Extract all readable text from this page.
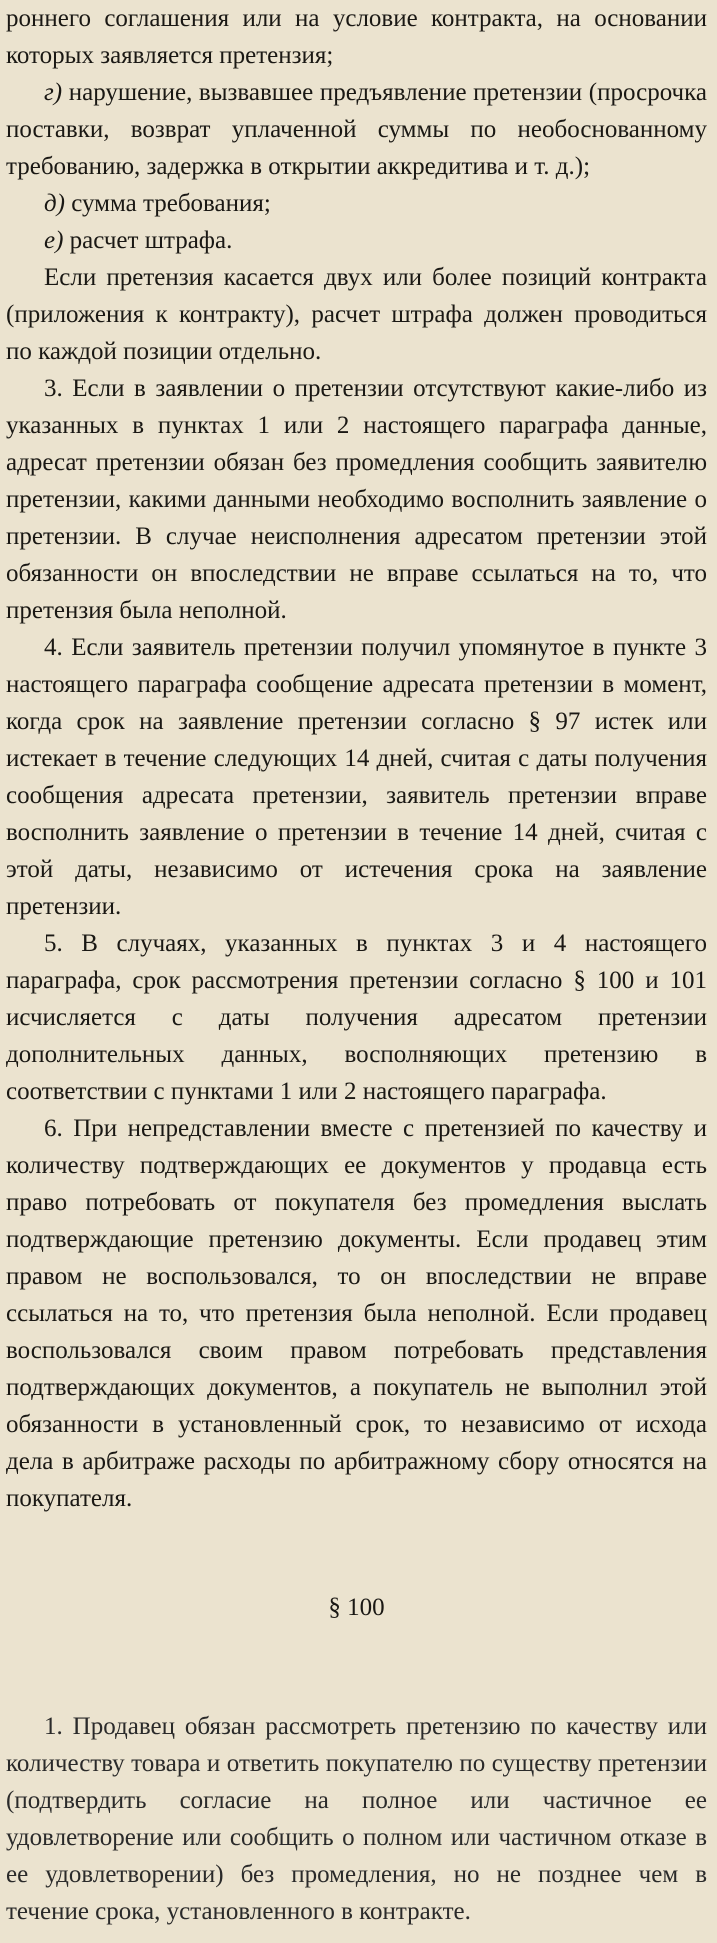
роннего соглашения или на условие контракта, на основании которых заявляется претензия;

г) нарушение, вызвавшее предъявление претензии (просрочка поставки, возврат уплаченной суммы по необоснованному требованию, задержка в открытии аккредитива и т. д.);

д) сумма требования;

е) расчет штрафа.

Если претензия касается двух или более позиций контракта (приложения к контракту), расчет штрафа должен проводиться по каждой позиции отдельно.

3. Если в заявлении о претензии отсутствуют какие-либо из указанных в пунктах 1 или 2 настоящего параграфа данные, адресат претензии обязан без промедления сообщить заявителю претензии, какими данными необходимо восполнить заявление о претензии. В случае неисполнения адресатом претензии этой обязанности он впоследствии не вправе ссылаться на то, что претензия была неполной.

4. Если заявитель претензии получил упомянутое в пункте 3 настоящего параграфа сообщение адресата претензии в момент, когда срок на заявление претензии согласно § 97 истек или истекает в течение следующих 14 дней, считая с даты получения сообщения адресата претензии, заявитель претензии вправе восполнить заявление о претензии в течение 14 дней, считая с этой даты, независимо от истечения срока на заявление претензии.

5. В случаях, указанных в пунктах 3 и 4 настоящего параграфа, срок рассмотрения претензии согласно § 100 и 101 исчисляется с даты получения адресатом претензии дополнительных данных, восполняющих претензию в соответствии с пунктами 1 или 2 настоящего параграфа.

6. При непредставлении вместе с претензией по качеству и количеству подтверждающих ее документов у продавца есть право потребовать от покупателя без промедления выслать подтверждающие претензию документы. Если продавец этим правом не воспользовался, то он впоследствии не вправе ссылаться на то, что претензия была неполной. Если продавец воспользовался своим правом потребовать представления подтверждающих документов, а покупатель не выполнил этой обязанности в установленный срок, то независимо от исхода дела в арбитраже расходы по арбитражному сбору относятся на покупателя.

§ 100

1. Продавец обязан рассмотреть претензию по качеству или количеству товара и ответить покупателю по существу претензии (подтвердить согласие на полное или частичное ее удовлетворение или сообщить о полном или частичном отказе в ее удовлетворении) без промедления, но не позднее чем в течение срока, установленного в контракте.
